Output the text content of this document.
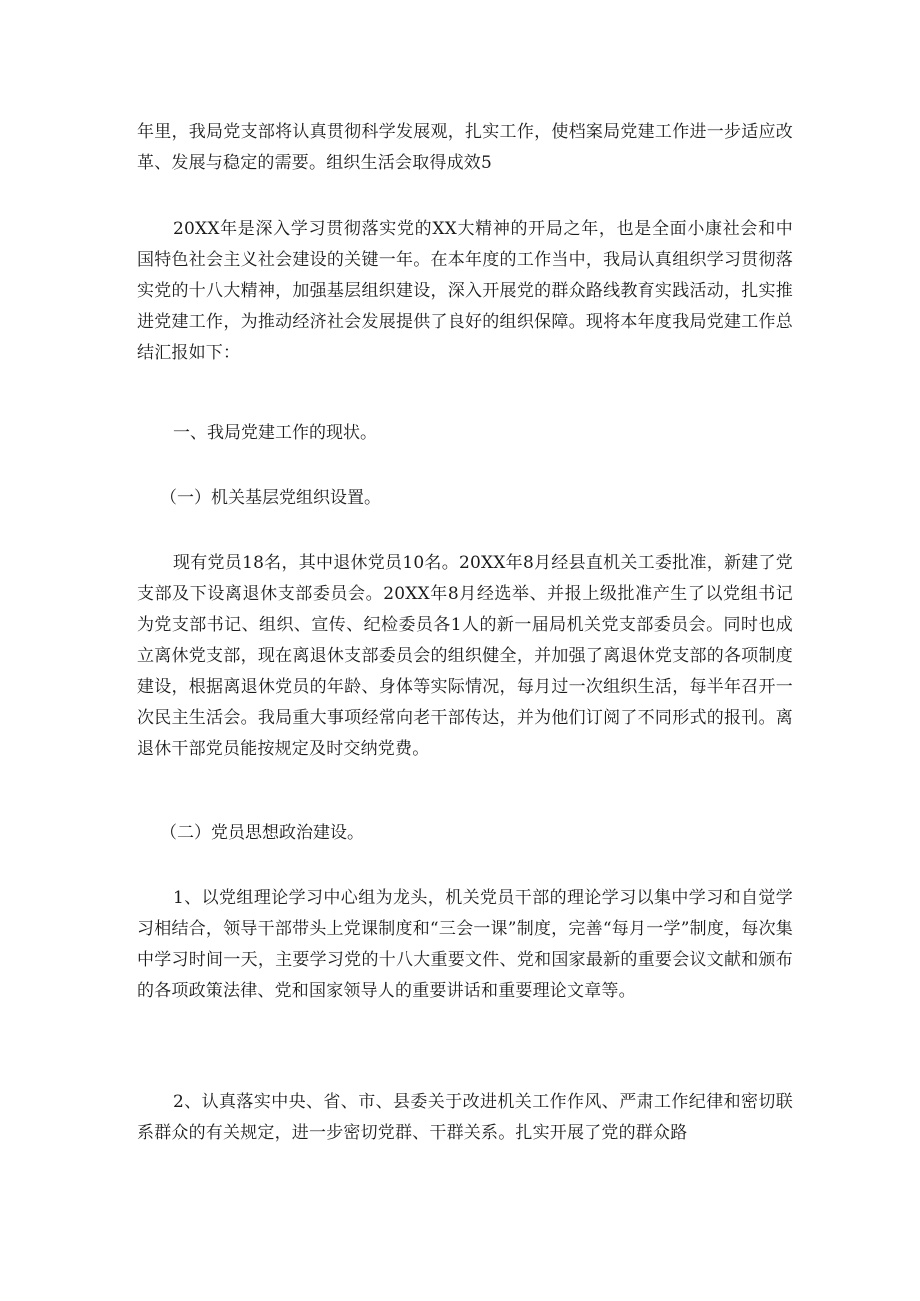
年里，我局党支部将认真贯彻科学发展观，扎实工作，使档案局党建工作进一步适应改革、发展与稳定的需要。组织生活会取得成效5

20XX年是深入学习贯彻落实党的XX大精神的开局之年，也是全面小康社会和中国特色社会主义社会建设的关键一年。在本年度的工作当中，我局认真组织学习贯彻落实党的十八大精神，加强基层组织建设，深入开展党的群众路线教育实践活动，扎实推进党建工作，为推动经济社会发展提供了良好的组织保障。现将本年度我局党建工作总结汇报如下：

一、我局党建工作的现状。

（一）机关基层党组织设置。

现有党员18名，其中退休党员10名。20XX年8月经县直机关工委批准，新建了党支部及下设离退休支部委员会。20XX年8月经选举、并报上级批准产生了以党组书记为党支部书记、组织、宣传、纪检委员各1人的新一届局机关党支部委员会。同时也成立离休党支部，现在离退休支部委员会的组织健全，并加强了离退休党支部的各项制度建设，根据离退休党员的年龄、身体等实际情况，每月过一次组织生活，每半年召开一次民主生活会。我局重大事项经常向老干部传达，并为他们订阅了不同形式的报刊。离退休干部党员能按规定及时交纳党费。

（二）党员思想政治建设。

1、以党组理论学习中心组为龙头，机关党员干部的理论学习以集中学习和自觉学习相结合，领导干部带头上党课制度和“三会一课”制度，完善“每月一学”制度，每次集中学习时间一天，主要学习党的十八大重要文件、党和国家最新的重要会议文献和颁布的各项政策法律、党和国家领导人的重要讲话和重要理论文章等。

2、认真落实中央、省、市、县委关于改进机关工作作风、严肃工作纪律和密切联系群众的有关规定，进一步密切党群、干群关系。扎实开展了党的群众路
